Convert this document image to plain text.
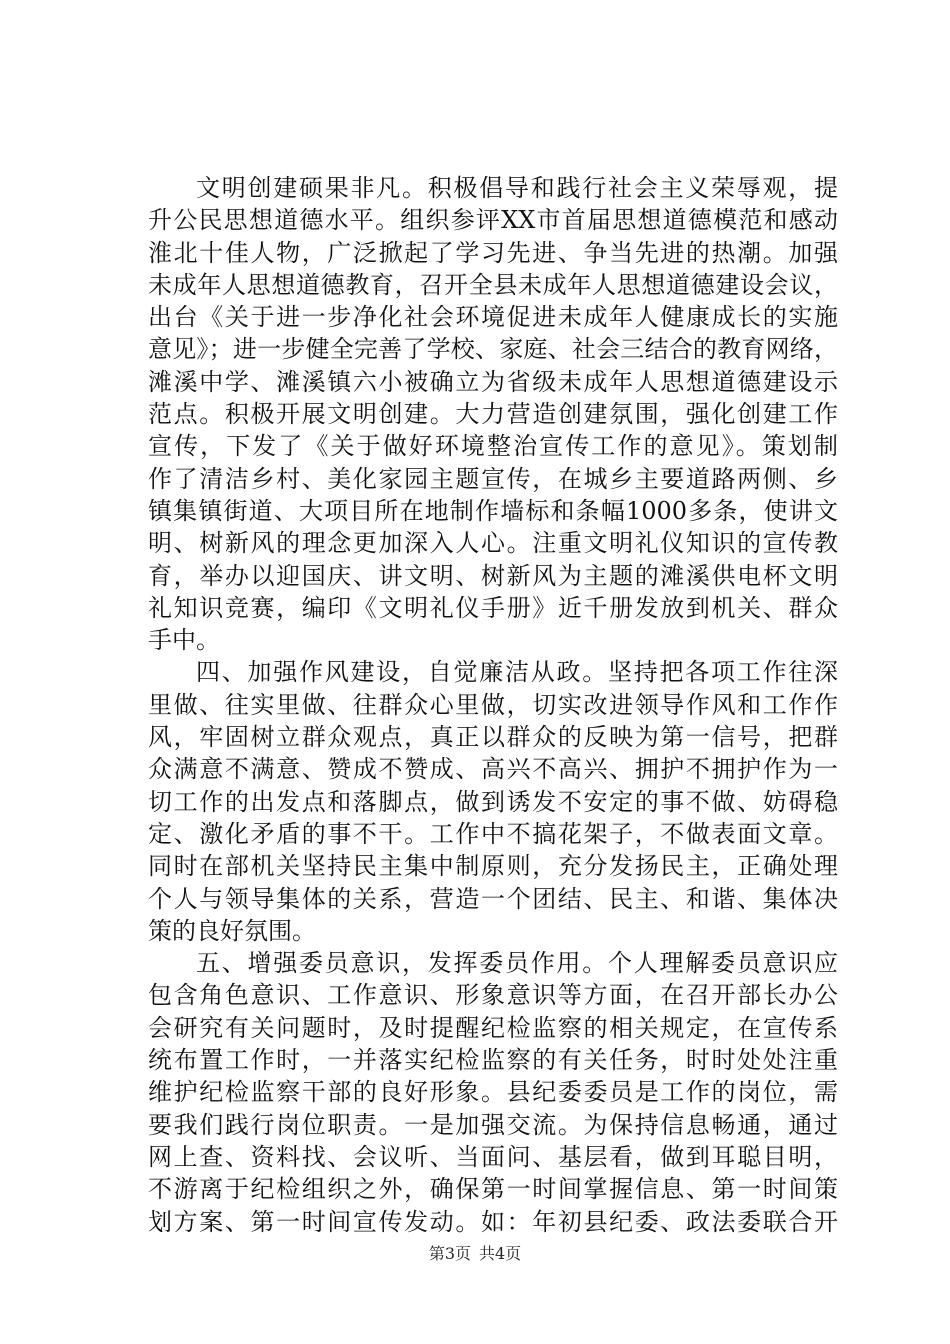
文明创建硕果非凡。积极倡导和践行社会主义荣辱观，提
升公民思想道德水平。组织参评XX市首届思想道德模范和感动
淮北十佳人物，广泛掀起了学习先进、争当先进的热潮。加强
未成年人思想道德教育，召开全县未成年人思想道德建设会议，
出台《关于进一步净化社会环境促进未成年人健康成长的实施
意见》；进一步健全完善了学校、家庭、社会三结合的教育网络，
滩溪中学、滩溪镇六小被确立为省级未成年人思想道德建设示
范点。积极开展文明创建。大力营造创建氛围，强化创建工作
宣传，下发了《关于做好环境整治宣传工作的意见》。策划制
作了清洁乡村、美化家园主题宣传，在城乡主要道路两侧、乡
镇集镇街道、大项目所在地制作墙标和条幅1000多条，使讲文
明、树新风的理念更加深入人心。注重文明礼仪知识的宣传教
育，举办以迎国庆、讲文明、树新风为主题的滩溪供电杯文明
礼知识竞赛，编印《文明礼仪手册》近千册发放到机关、群众
手中。
四、加强作风建设，自觉廉洁从政。坚持把各项工作往深
里做、往实里做、往群众心里做，切实改进领导作风和工作作
风，牢固树立群众观点，真正以群众的反映为第一信号，把群
众满意不满意、赞成不赞成、高兴不高兴、拥护不拥护作为一
切工作的出发点和落脚点，做到诱发不安定的事不做、妨碍稳
定、激化矛盾的事不干。工作中不搞花架子，不做表面文章。
同时在部机关坚持民主集中制原则，充分发扬民主，正确处理
个人与领导集体的关系，营造一个团结、民主、和谐、集体决
策的良好氛围。
五、增强委员意识，发挥委员作用。个人理解委员意识应
包含角色意识、工作意识、形象意识等方面，在召开部长办公
会研究有关问题时，及时提醒纪检监察的相关规定，在宣传系
统布置工作时，一并落实纪检监察的有关任务，时时处处注重
维护纪检监察干部的良好形象。县纪委委员是工作的岗位，需
要我们践行岗位职责。一是加强交流。为保持信息畅通，通过
网上查、资料找、会议听、当面问、基层看，做到耳聪目明，
不游离于纪检组织之外，确保第一时间掌握信息、第一时间策
划方案、第一时间宣传发动。如：年初县纪委、政法委联合开
第3页 共4页
